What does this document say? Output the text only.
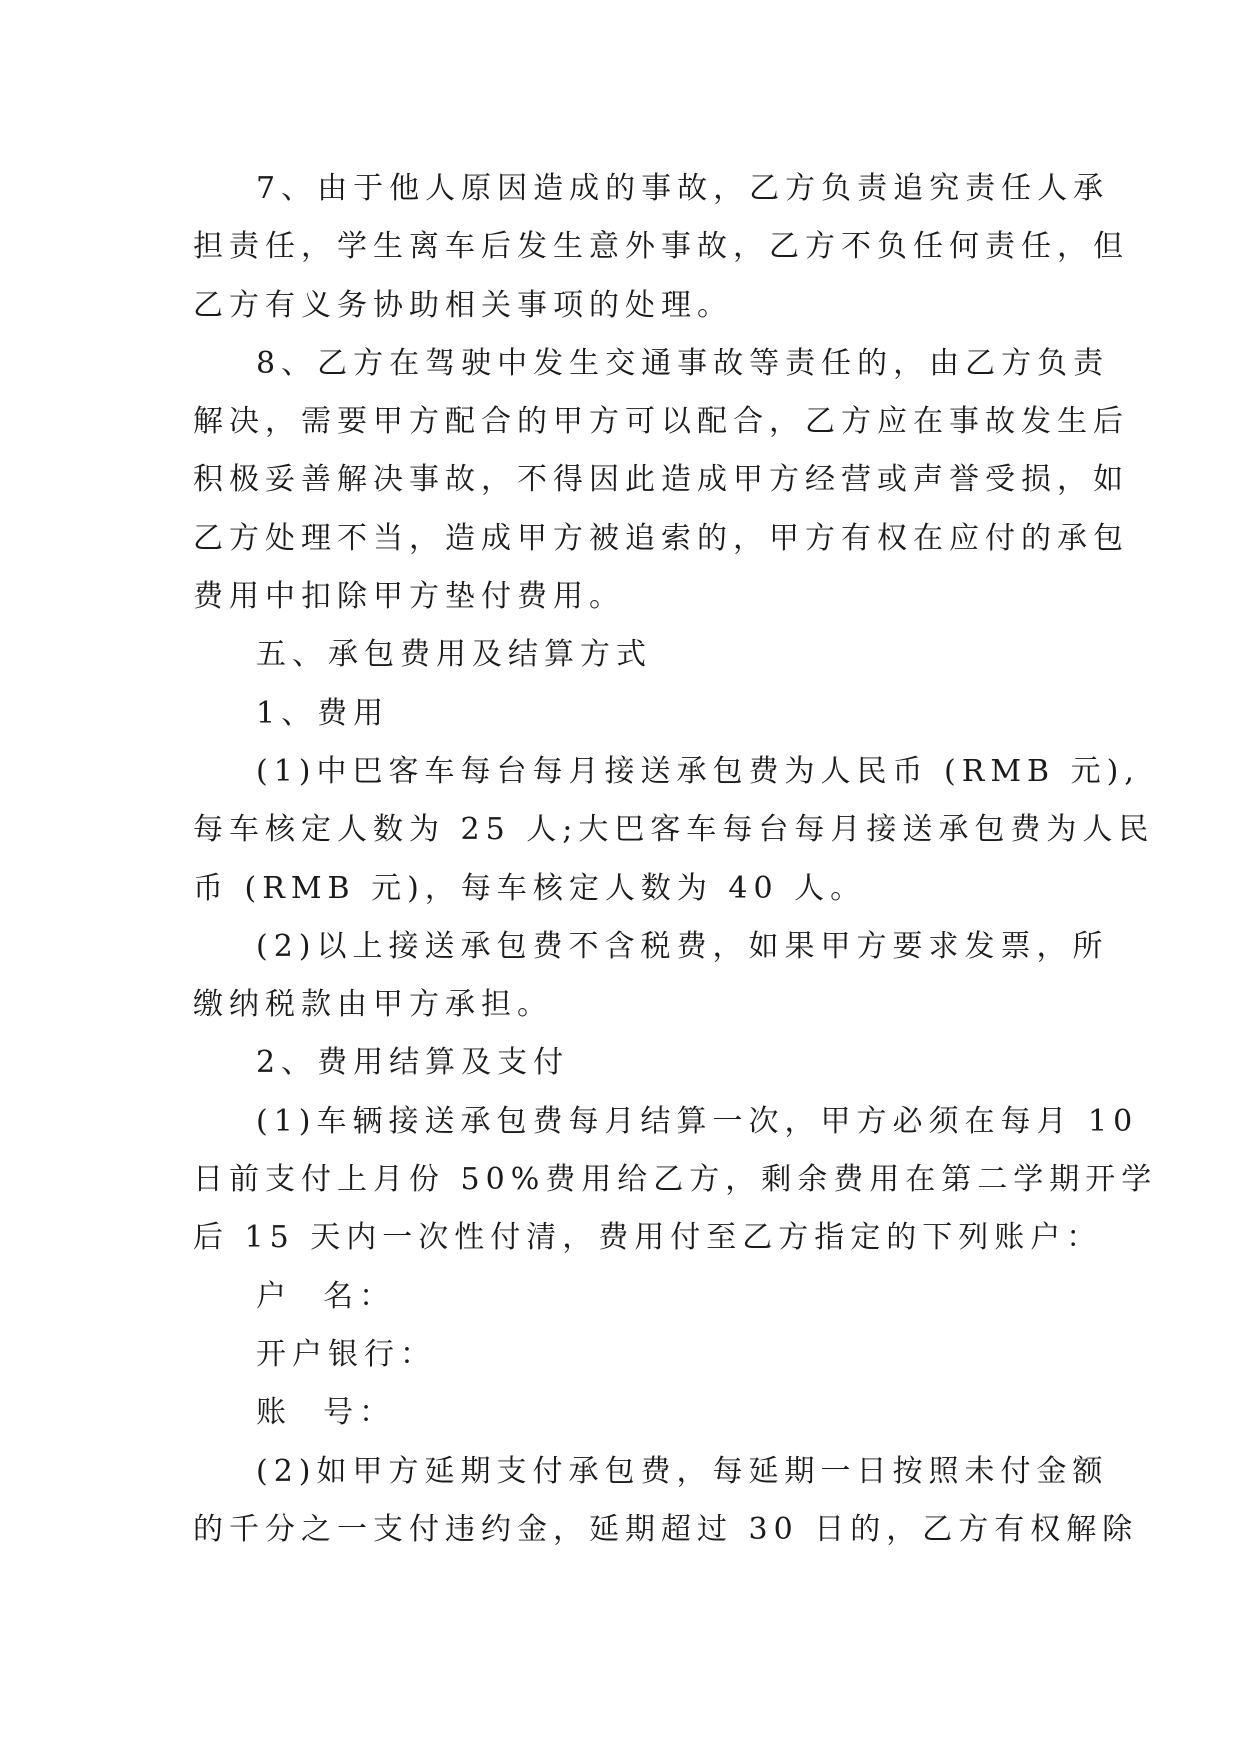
7、由于他人原因造成的事故，乙方负责追究责任人承
担责任，学生离车后发生意外事故，乙方不负任何责任，但
乙方有义务协助相关事项的处理。

8、乙方在驾驶中发生交通事故等责任的，由乙方负责
解决，需要甲方配合的甲方可以配合，乙方应在事故发生后
积极妥善解决事故，不得因此造成甲方经营或声誉受损，如
乙方处理不当，造成甲方被追索的，甲方有权在应付的承包
费用中扣除甲方垫付费用。

五、承包费用及结算方式

1、费用

(1)中巴客车每台每月接送承包费为人民币 (RMB 元),
每车核定人数为 25 人;大巴客车每台每月接送承包费为人民
币 (RMB 元)，每车核定人数为 40 人。

(2)以上接送承包费不含税费，如果甲方要求发票，所
缴纳税款由甲方承担。

2、费用结算及支付

(1)车辆接送承包费每月结算一次，甲方必须在每月 10
日前支付上月份 50%费用给乙方，剩余费用在第二学期开学
后 15 天内一次性付清，费用付至乙方指定的下列账户：

户  名：

开户银行：

账  号：

(2)如甲方延期支付承包费，每延期一日按照未付金额
的千分之一支付违约金，延期超过 30 日的，乙方有权解除
